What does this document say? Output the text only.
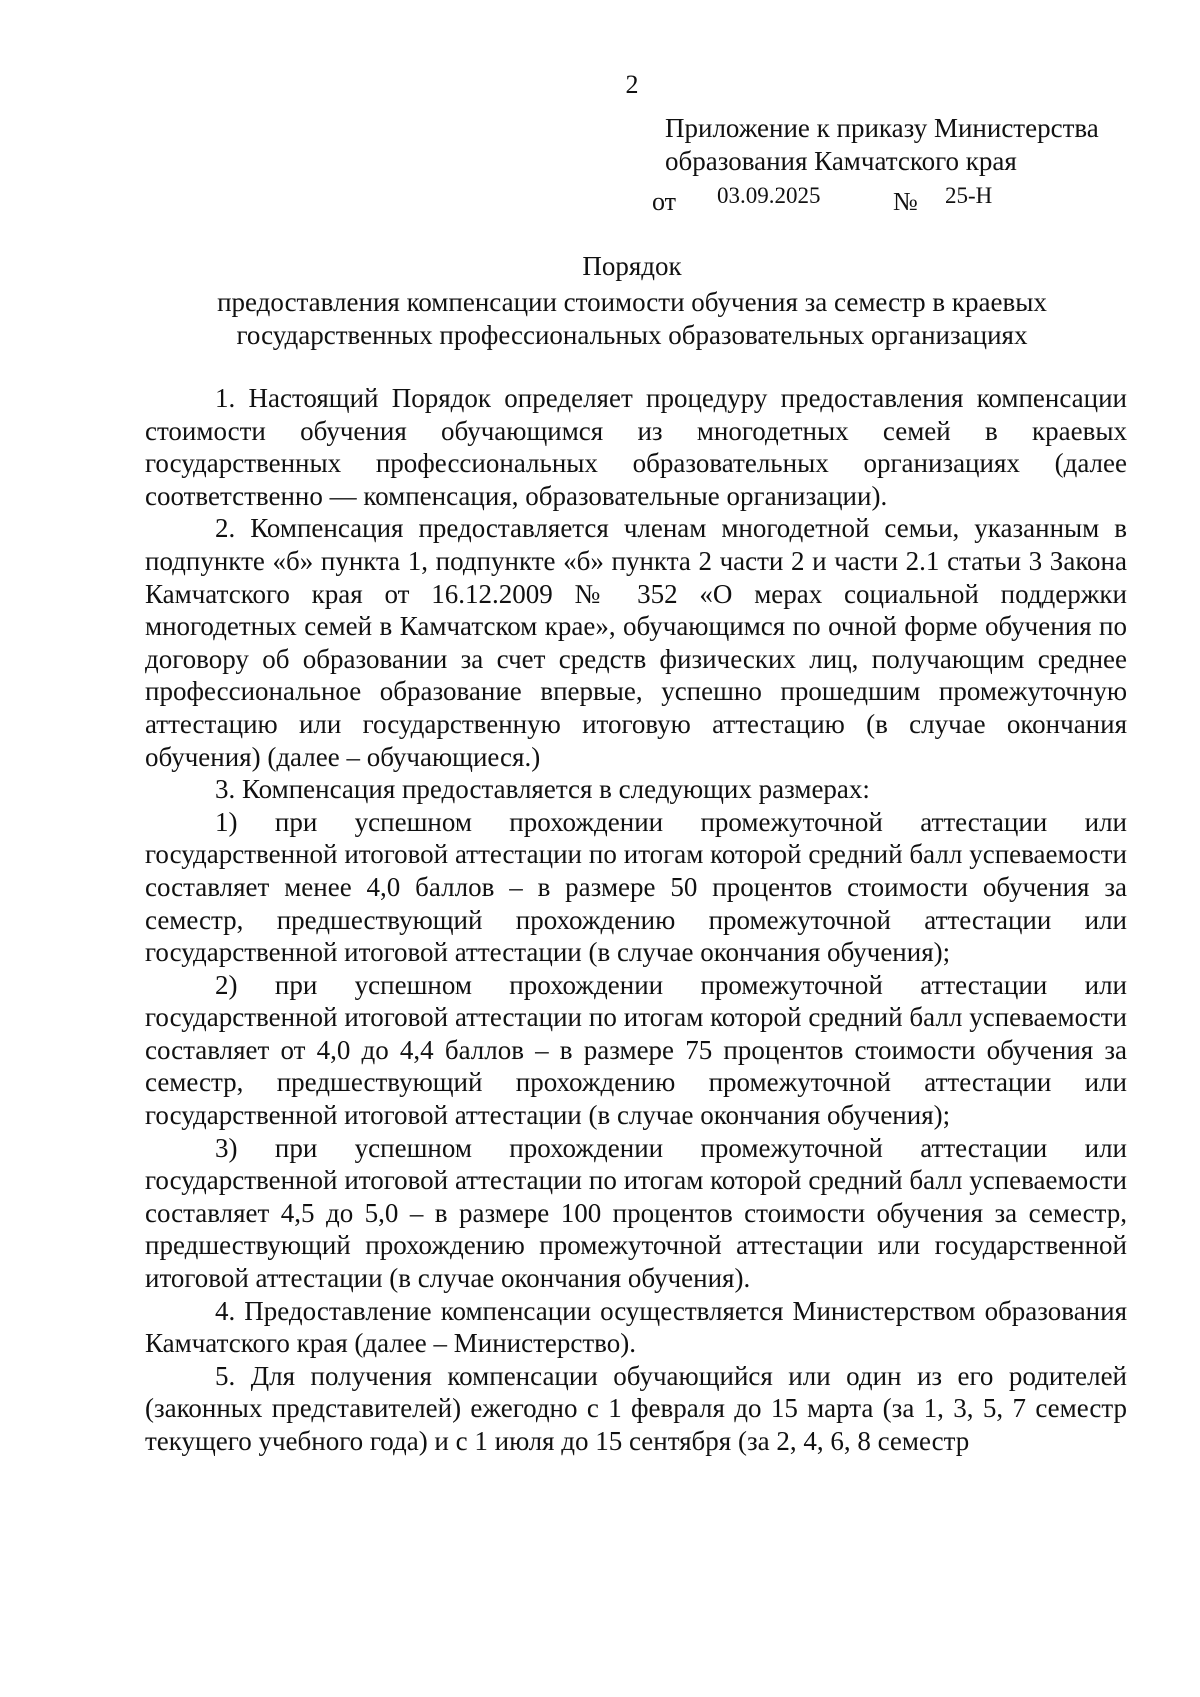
2
Приложение к приказу Министерства
образования Камчатского края
от 03.09.2025	№ 25-Н
Порядок
предоставления компенсации стоимости обучения за семестр в краевых
государственных профессиональных образовательных организациях

1. Настоящий Порядок определяет процедуру предоставления компенсации стоимости обучения обучающимся из многодетных семей в краевых государственных профессиональных образовательных организациях (далее соответственно — компенсация, образовательные организации).

2. Компенсация предоставляется членам многодетной семьи, указанным в подпункте «б» пункта 1, подпункте «б» пункта 2 части 2 и части 2.1 статьи 3 Закона Камчатского края от 16.12.2009 № 352 «О мерах социальной поддержки многодетных семей в Камчатском крае», обучающимся по очной форме обучения по договору об образовании за счет средств физических лиц, получающим среднее профессиональное образование впервые, успешно прошедшим промежуточную аттестацию или государственную итоговую аттестацию (в случае окончания обучения) (далее – обучающиеся.)

3. Компенсация предоставляется в следующих размерах:

1) при успешном прохождении промежуточной аттестации или государственной итоговой аттестации по итогам которой средний балл успеваемости составляет менее 4,0 баллов – в размере 50 процентов стоимости обучения за семестр, предшествующий прохождению промежуточной аттестации или государственной итоговой аттестации (в случае окончания обучения);

2) при успешном прохождении промежуточной аттестации или государственной итоговой аттестации по итогам которой средний балл успеваемости составляет от 4,0 до 4,4 баллов – в размере 75 процентов стоимости обучения за семестр, предшествующий прохождению промежуточной аттестации или государственной итоговой аттестации (в случае окончания обучения);

3) при успешном прохождении промежуточной аттестации или государственной итоговой аттестации по итогам которой средний балл успеваемости составляет 4,5 до 5,0 – в размере 100 процентов стоимости обучения за семестр, предшествующий прохождению промежуточной аттестации или государственной итоговой аттестации (в случае окончания обучения).

4. Предоставление компенсации осуществляется Министерством образования Камчатского края (далее – Министерство).

5. Для получения компенсации обучающийся или один из его родителей (законных представителей) ежегодно с 1 февраля до 15 марта (за 1, 3, 5, 7 семестр текущего учебного года) и с 1 июля до 15 сентября (за 2, 4, 6, 8 семестр
